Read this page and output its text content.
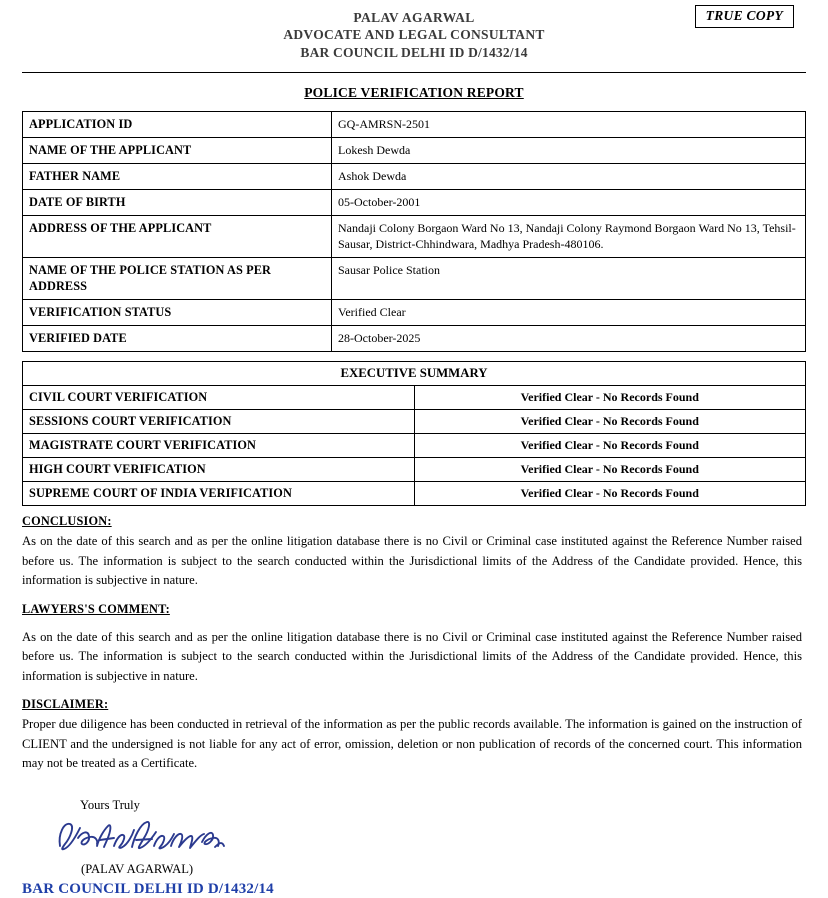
TRUE COPY
PALAV AGARWAL
ADVOCATE AND LEGAL CONSULTANT
BAR COUNCIL DELHI ID D/1432/14
POLICE VERIFICATION REPORT
APPLICATION ID	GQ-AMRSN-2501
NAME OF THE APPLICANT	Lokesh Dewda
FATHER NAME	Ashok Dewda
DATE OF BIRTH	05-October-2001
ADDRESS OF THE APPLICANT	Nandaji Colony Borgaon Ward No 13, Nandaji Colony Raymond Borgaon Ward No 13, Tehsil-Sausar, District-Chhindwara, Madhya Pradesh-480106.
NAME OF THE POLICE STATION AS PER ADDRESS	Sausar Police Station
VERIFICATION STATUS	Verified Clear
VERIFIED DATE	28-October-2025
EXECUTIVE SUMMARY	
CIVIL COURT VERIFICATION	Verified Clear - No Records Found
SESSIONS COURT VERIFICATION	Verified Clear - No Records Found
MAGISTRATE COURT VERIFICATION	Verified Clear - No Records Found
HIGH COURT VERIFICATION	Verified Clear - No Records Found
SUPREME COURT OF INDIA VERIFICATION	Verified Clear - No Records Found
CONCLUSION:
As on the date of this search and as per the online litigation database there is no Civil or Criminal case instituted against the Reference Number raised before us. The information is subject to the search conducted within the Jurisdictional limits of the Address of the Candidate provided. Hence, this information is subjective in nature.
LAWYERS'S COMMENT:
As on the date of this search and as per the online litigation database there is no Civil or Criminal case instituted against the Reference Number raised before us. The information is subject to the search conducted within the Jurisdictional limits of the Address of the Candidate provided. Hence, this information is subjective in nature.
DISCLAIMER:
Proper due diligence has been conducted in retrieval of the information as per the public records available. The information is gained on the instruction of CLIENT and the undersigned is not liable for any act of error, omission, deletion or non publication of records of the concerned court. This information may not be treated as a Certificate.
Yours Truly
(PALAV AGARWAL)
BAR COUNCIL DELHI ID D/1432/14
